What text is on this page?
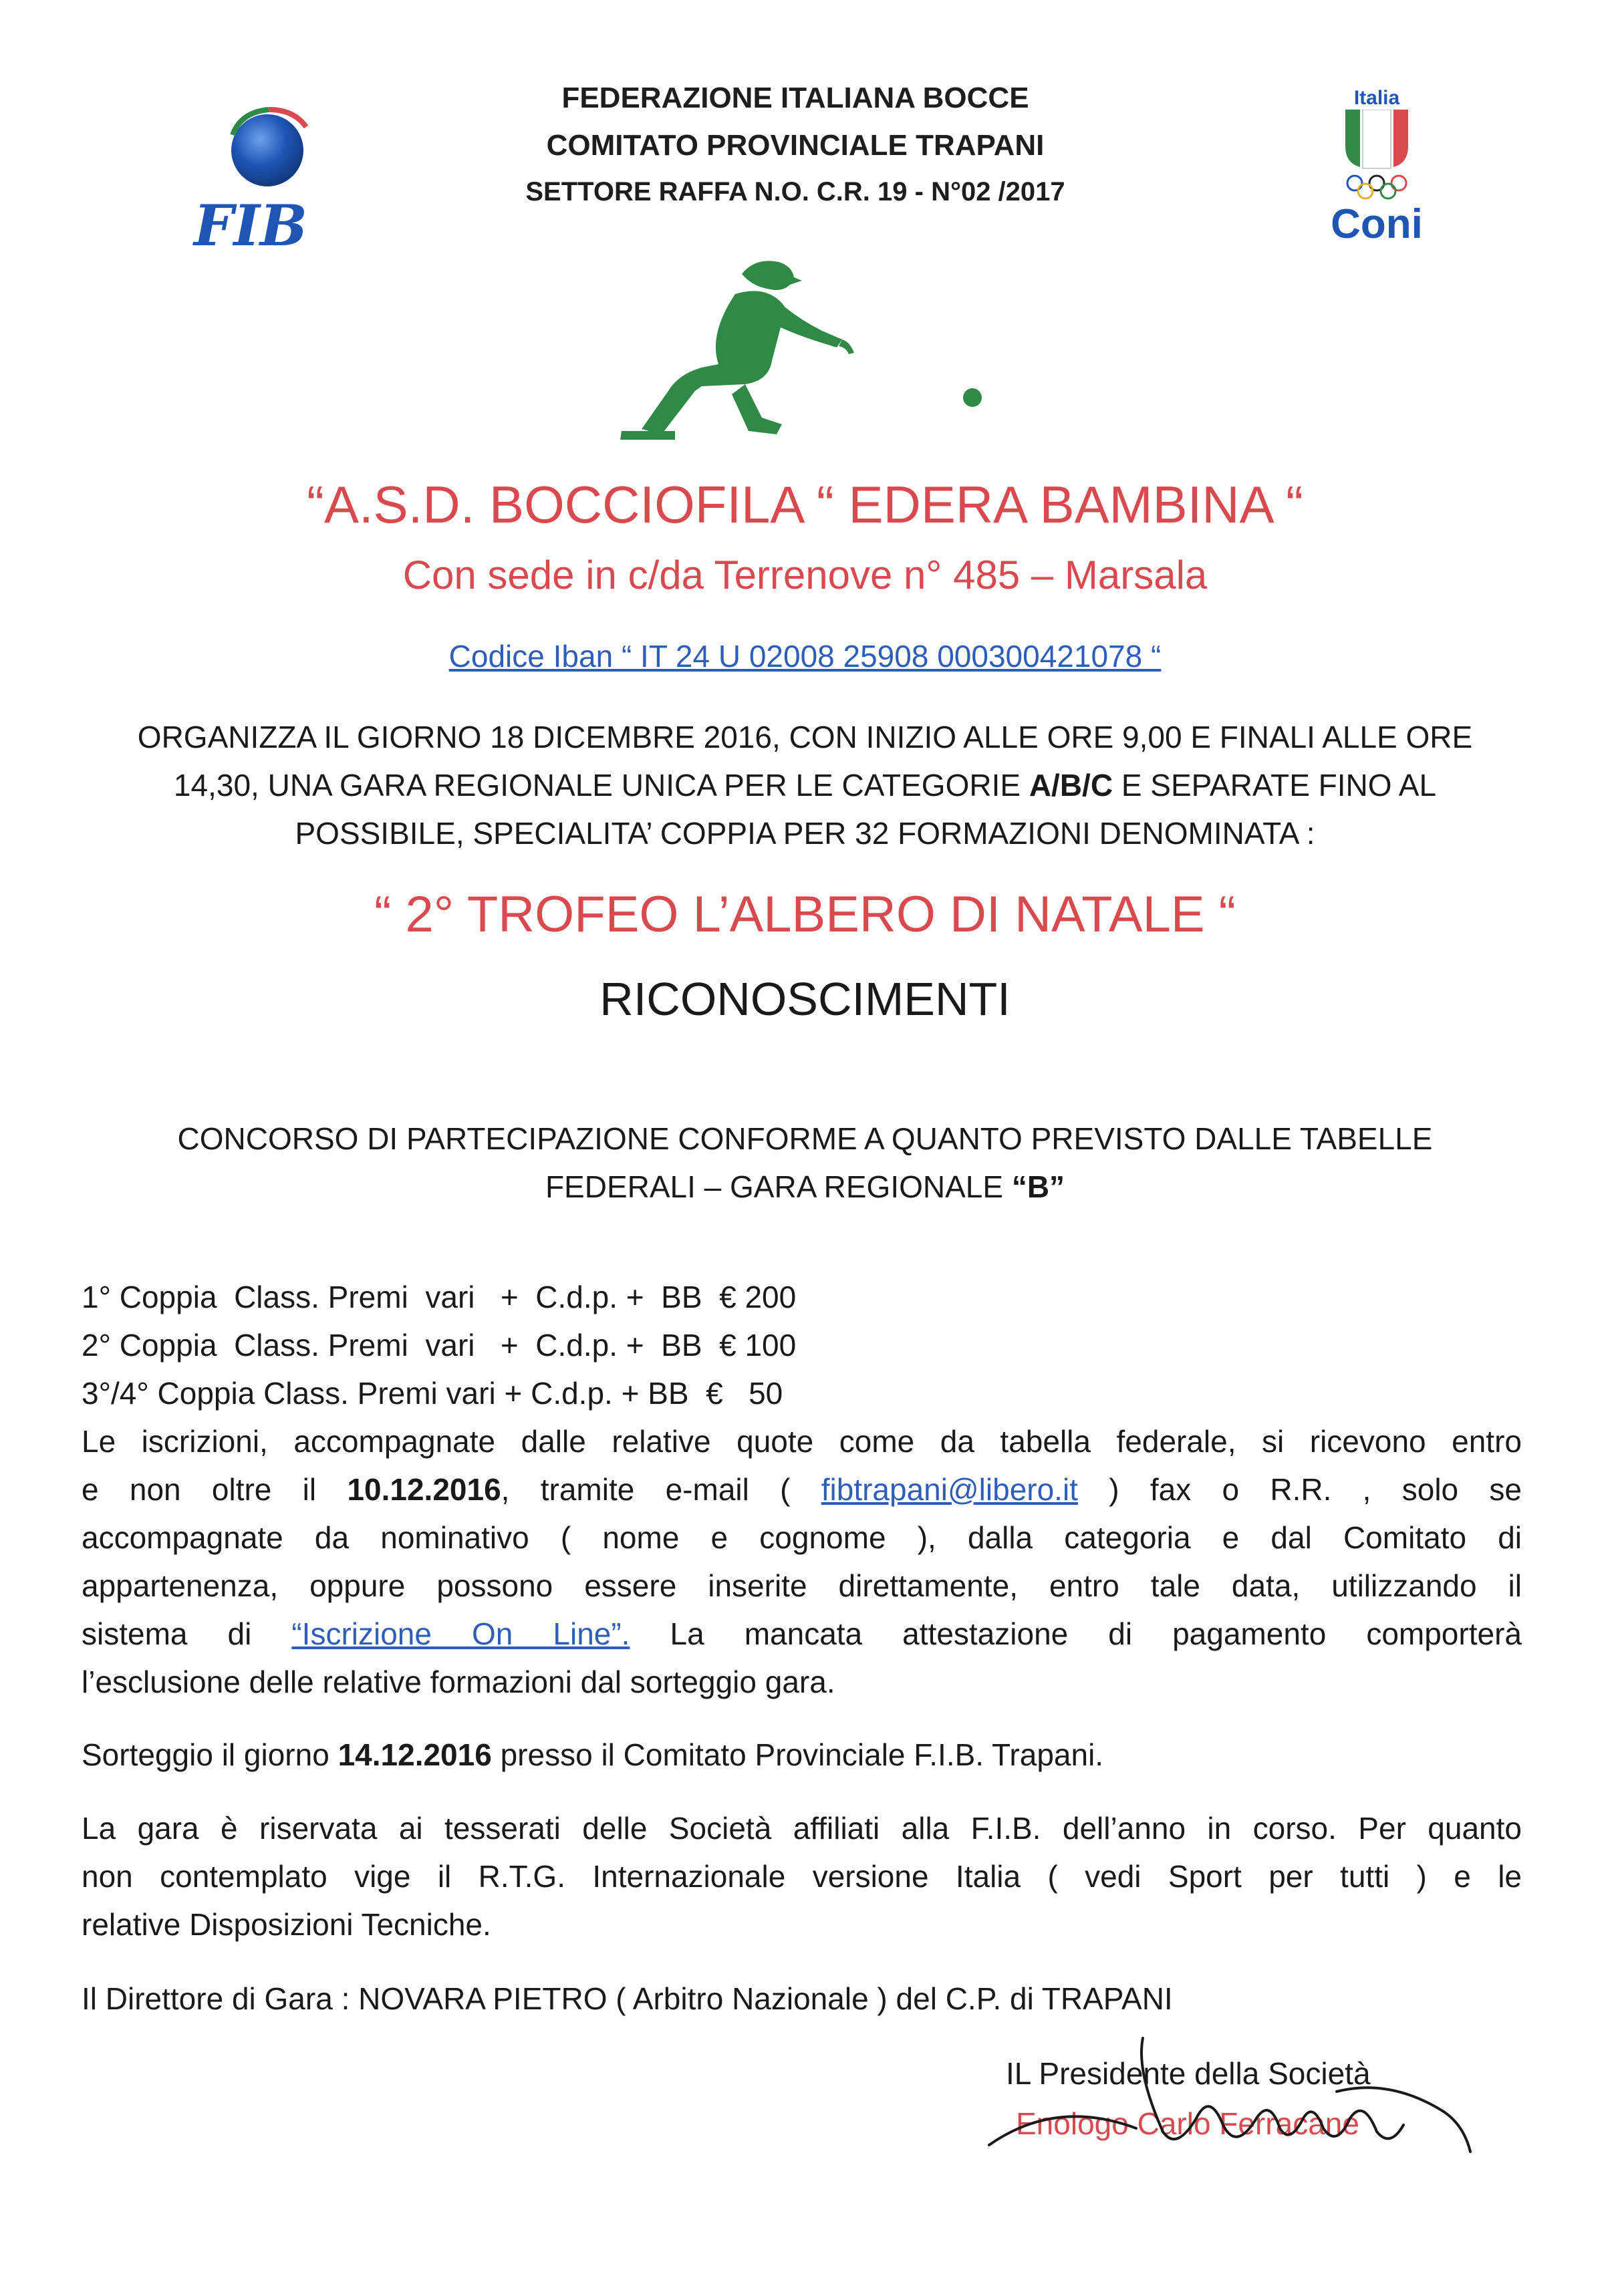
FIB
FEDERAZIONE ITALIANA BOCCE
COMITATO PROVINCIALE TRAPANI
SETTORE RAFFA N.O. C.R. 19 - N°02 /2017
Italia
Coni
“A.S.D. BOCCIOFILA “ EDERA BAMBINA “
Con sede in c/da Terrenove n° 485 – Marsala
Codice Iban “ IT 24 U 02008 25908 000300421078 “
ORGANIZZA IL GIORNO 18 DICEMBRE 2016, CON INIZIO ALLE ORE 9,00 E FINALI ALLE ORE
14,30, UNA GARA REGIONALE UNICA PER LE CATEGORIE A/B/C E SEPARATE FINO AL
POSSIBILE, SPECIALITA’ COPPIA PER 32 FORMAZIONI DENOMINATA :
“ 2° TROFEO L’ALBERO DI NATALE “
RICONOSCIMENTI
CONCORSO DI PARTECIPAZIONE CONFORME A QUANTO PREVISTO DALLE TABELLE
FEDERALI – GARA REGIONALE “B”
1° Coppia  Class. Premi  vari   +  C.d.p. +  BB  € 200
2° Coppia  Class. Premi  vari   +  C.d.p. +  BB  € 100
3°/4° Coppia Class. Premi vari + C.d.p. + BB  €   50
Le iscrizioni, accompagnate dalle relative quote come da tabella federale, si ricevono entro
e non oltre il 10.12.2016, tramite e-mail ( fibtrapani@libero.it ) fax o R.R. , solo se
accompagnate da nominativo ( nome e cognome ), dalla categoria e dal Comitato di
appartenenza, oppure possono essere inserite direttamente, entro tale data, utilizzando il
sistema di “Iscrizione On Line”. La mancata attestazione di pagamento comporterà
l’esclusione delle relative formazioni dal sorteggio gara.
Sorteggio il giorno 14.12.2016 presso il Comitato Provinciale F.I.B. Trapani.
La gara è riservata ai tesserati delle Società affiliati alla F.I.B. dell’anno in corso. Per quanto
non contemplato vige il R.T.G. Internazionale versione Italia ( vedi Sport per tutti ) e le
relative Disposizioni Tecniche.
Il Direttore di Gara : NOVARA PIETRO ( Arbitro Nazionale ) del C.P. di TRAPANI
IL Presidente della Società
Enologo Carlo Ferracane
